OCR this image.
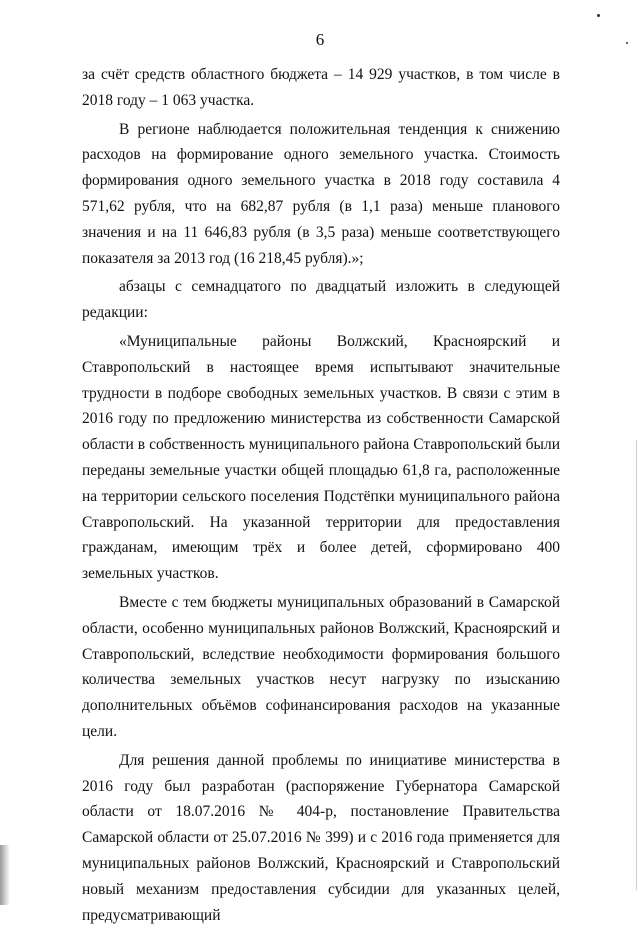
6

за счёт средств областного бюджета – 14 929 участков, в том числе в 2018 году – 1 063 участка.

В регионе наблюдается положительная тенденция к снижению расходов на формирование одного земельного участка. Стоимость формирования одного земельного участка в 2018 году составила 4 571,62 рубля, что на 682,87 рубля (в 1,1 раза) меньше планового значения и на 11 646,83 рубля (в 3,5 раза) меньше соответствующего показателя за 2013 год (16 218,45 рубля).»;

абзацы с семнадцатого по двадцатый изложить в следующей редакции:

«Муниципальные районы Волжский, Красноярский и Ставропольский в настоящее время испытывают значительные трудности в подборе свободных земельных участков. В связи с этим в 2016 году по предложению министерства из собственности Самарской области в собственность муниципального района Ставропольский были переданы земельные участки общей площадью 61,8 га, расположенные на территории сельского поселения Подстёпки муниципального района Ставропольский. На указанной территории для предоставления гражданам, имеющим трёх и более детей, сформировано 400 земельных участков.

Вместе с тем бюджеты муниципальных образований в Самарской области, особенно муниципальных районов Волжский, Красноярский и Ставропольский, вследствие необходимости формирования большого количества земельных участков несут нагрузку по изысканию дополнительных объёмов софинансирования расходов на указанные цели.

Для решения данной проблемы по инициативе министерства в 2016 году был разработан (распоряжение Губернатора Самарской области от 18.07.2016 № 404-р, постановление Правительства Самарской области от 25.07.2016 № 399) и с 2016 года применяется для муниципальных районов Волжский, Красноярский и Ставропольский новый механизм предоставления субсидии для указанных целей, предусматривающий
